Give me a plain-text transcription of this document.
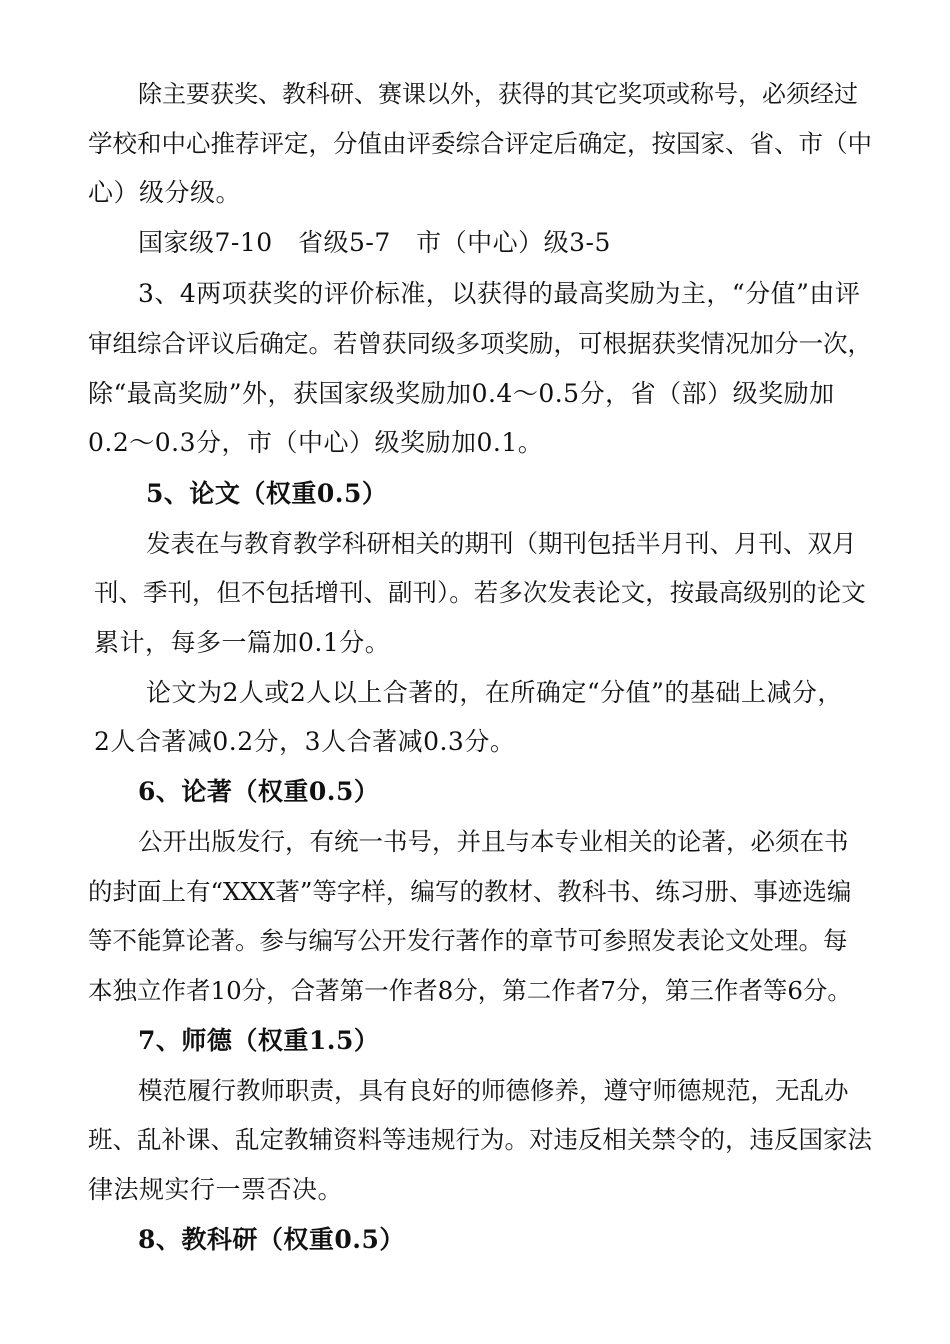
除主要获奖、教科研、赛课以外，获得的其它奖项或称号，必须经过
学校和中心推荐评定，分值由评委综合评定后确定，按国家、省、市（中
心）级分级。
国家级7-10   省级5-7   市（中心）级3-5
3、4两项获奖的评价标准，以获得的最高奖励为主，“分值”由评
审组综合评议后确定。若曾获同级多项奖励，可根据获奖情况加分一次，
除“最高奖励”外，获国家级奖励加0.4～0.5分，省（部）级奖励加
0.2～0.3分，市（中心）级奖励加0.1。
5、论文（权重0.5）
发表在与教育教学科研相关的期刊（期刊包括半月刊、月刊、双月
刊、季刊，但不包括增刊、副刊）。若多次发表论文，按最高级别的论文
累计，每多一篇加0.1分。
论文为2人或2人以上合著的，在所确定“分值”的基础上减分，
2人合著减0.2分，3人合著减0.3分。
6、论著（权重0.5）
公开出版发行，有统一书号，并且与本专业相关的论著，必须在书
的封面上有“XXX著”等字样，编写的教材、教科书、练习册、事迹选编
等不能算论著。参与编写公开发行著作的章节可参照发表论文处理。每
本独立作者10分，合著第一作者8分，第二作者7分，第三作者等6分。
7、师德（权重1.5）
模范履行教师职责，具有良好的师德修养，遵守师德规范，无乱办
班、乱补课、乱定教辅资料等违规行为。对违反相关禁令的，违反国家法
律法规实行一票否决。
8、教科研（权重0.5）
